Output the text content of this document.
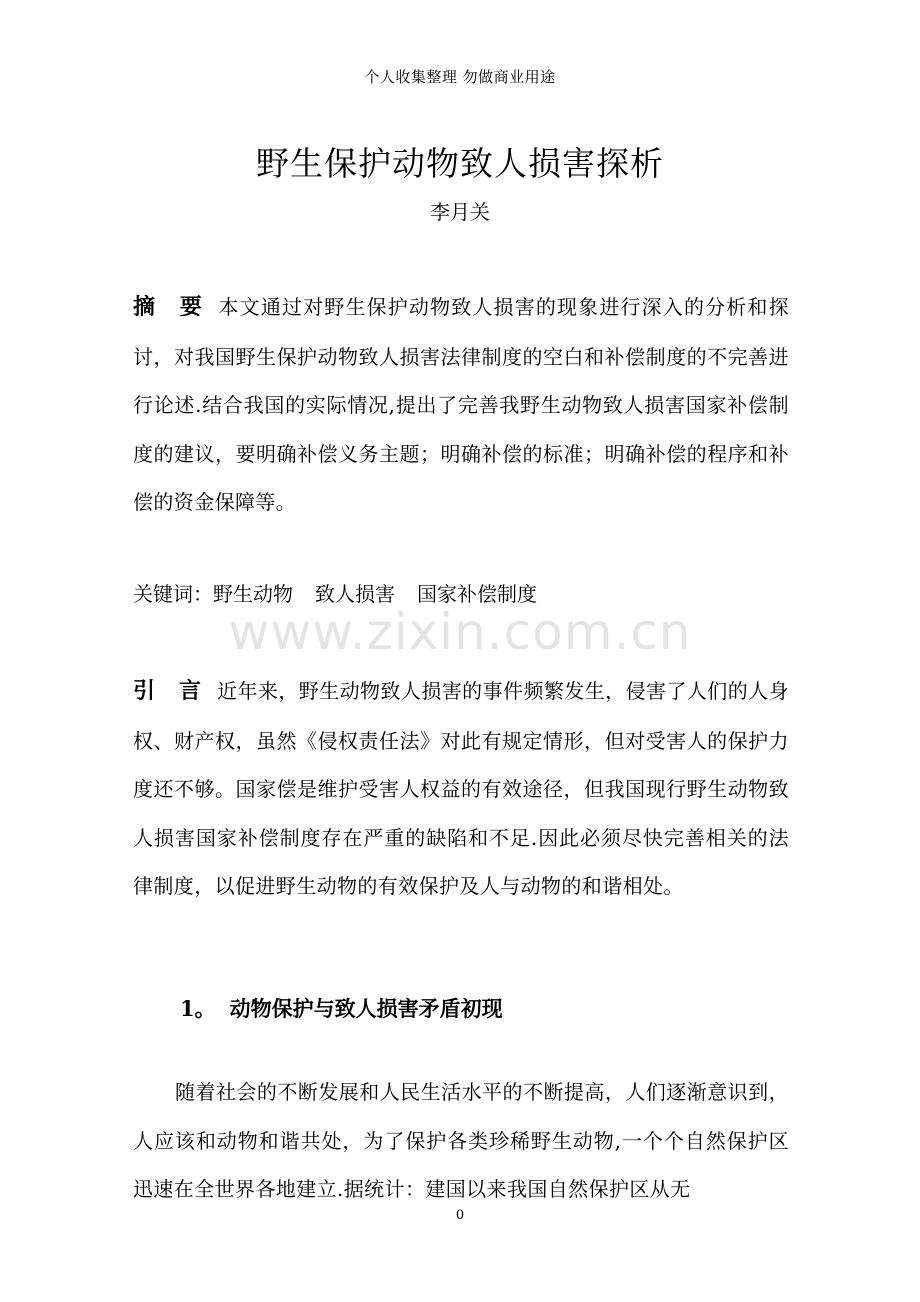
个人收集整理 勿做商业用途
野生保护动物致人损害探析
李月关
摘要本文通过对野生保护动物致人损害的现象进行深入的分析和探讨，对我国野生保护动物致人损害法律制度的空白和补偿制度的不完善进行论述.结合我国的实际情况,提出了完善我野生动物致人损害国家补偿制度的建议，要明确补偿义务主题；明确补偿的标准；明确补偿的程序和补偿的资金保障等。
关键词：野生动物 致人损害 国家补偿制度
www.zixin.com.cn
引言近年来，野生动物致人损害的事件频繁发生，侵害了人们的人身权、财产权，虽然《侵权责任法》对此有规定情形，但对受害人的保护力度还不够。国家偿是维护受害人权益的有效途径，但我国现行野生动物致人损害国家补偿制度存在严重的缺陷和不足.因此必须尽快完善相关的法律制度，以促进野生动物的有效保护及人与动物的和谐相处。
1。 动物保护与致人损害矛盾初现
随着社会的不断发展和人民生活水平的不断提高，人们逐渐意识到，人应该和动物和谐共处，为了保护各类珍稀野生动物,一个个自然保护区迅速在全世界各地建立.据统计：建国以来我国自然保护区从无
0
